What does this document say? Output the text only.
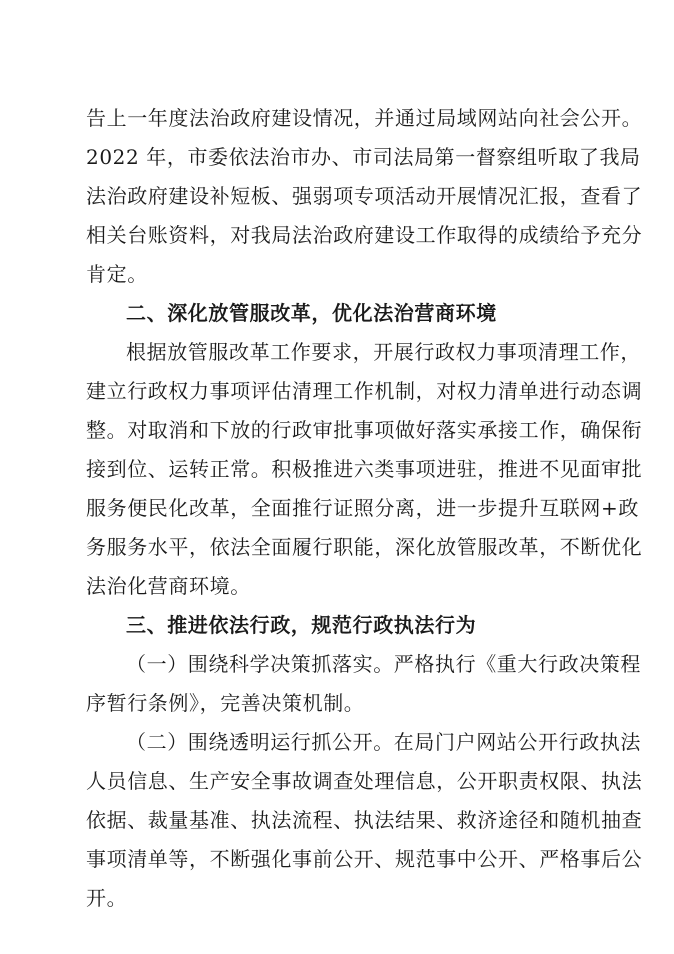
告上一年度法治政府建设情况，并通过局域网站向社会公开。
2022 年，市委依法治市办、市司法局第一督察组听取了我局
法治政府建设补短板、强弱项专项活动开展情况汇报，查看了
相关台账资料，对我局法治政府建设工作取得的成绩给予充分
肯定。
二、深化放管服改革，优化法治营商环境
根据放管服改革工作要求，开展行政权力事项清理工作，
建立行政权力事项评估清理工作机制，对权力清单进行动态调
整。对取消和下放的行政审批事项做好落实承接工作，确保衔
接到位、运转正常。积极推进六类事项进驻，推进不见面审批
服务便民化改革，全面推行证照分离，进一步提升互联网+政
务服务水平，依法全面履行职能，深化放管服改革，不断优化
法治化营商环境。
三、推进依法行政，规范行政执法行为
（一）围绕科学决策抓落实。严格执行《重大行政决策程
序暂行条例》，完善决策机制。
（二）围绕透明运行抓公开。在局门户网站公开行政执法
人员信息、生产安全事故调查处理信息，公开职责权限、执法
依据、裁量基准、执法流程、执法结果、救济途径和随机抽查
事项清单等，不断强化事前公开、规范事中公开、严格事后公
开。
